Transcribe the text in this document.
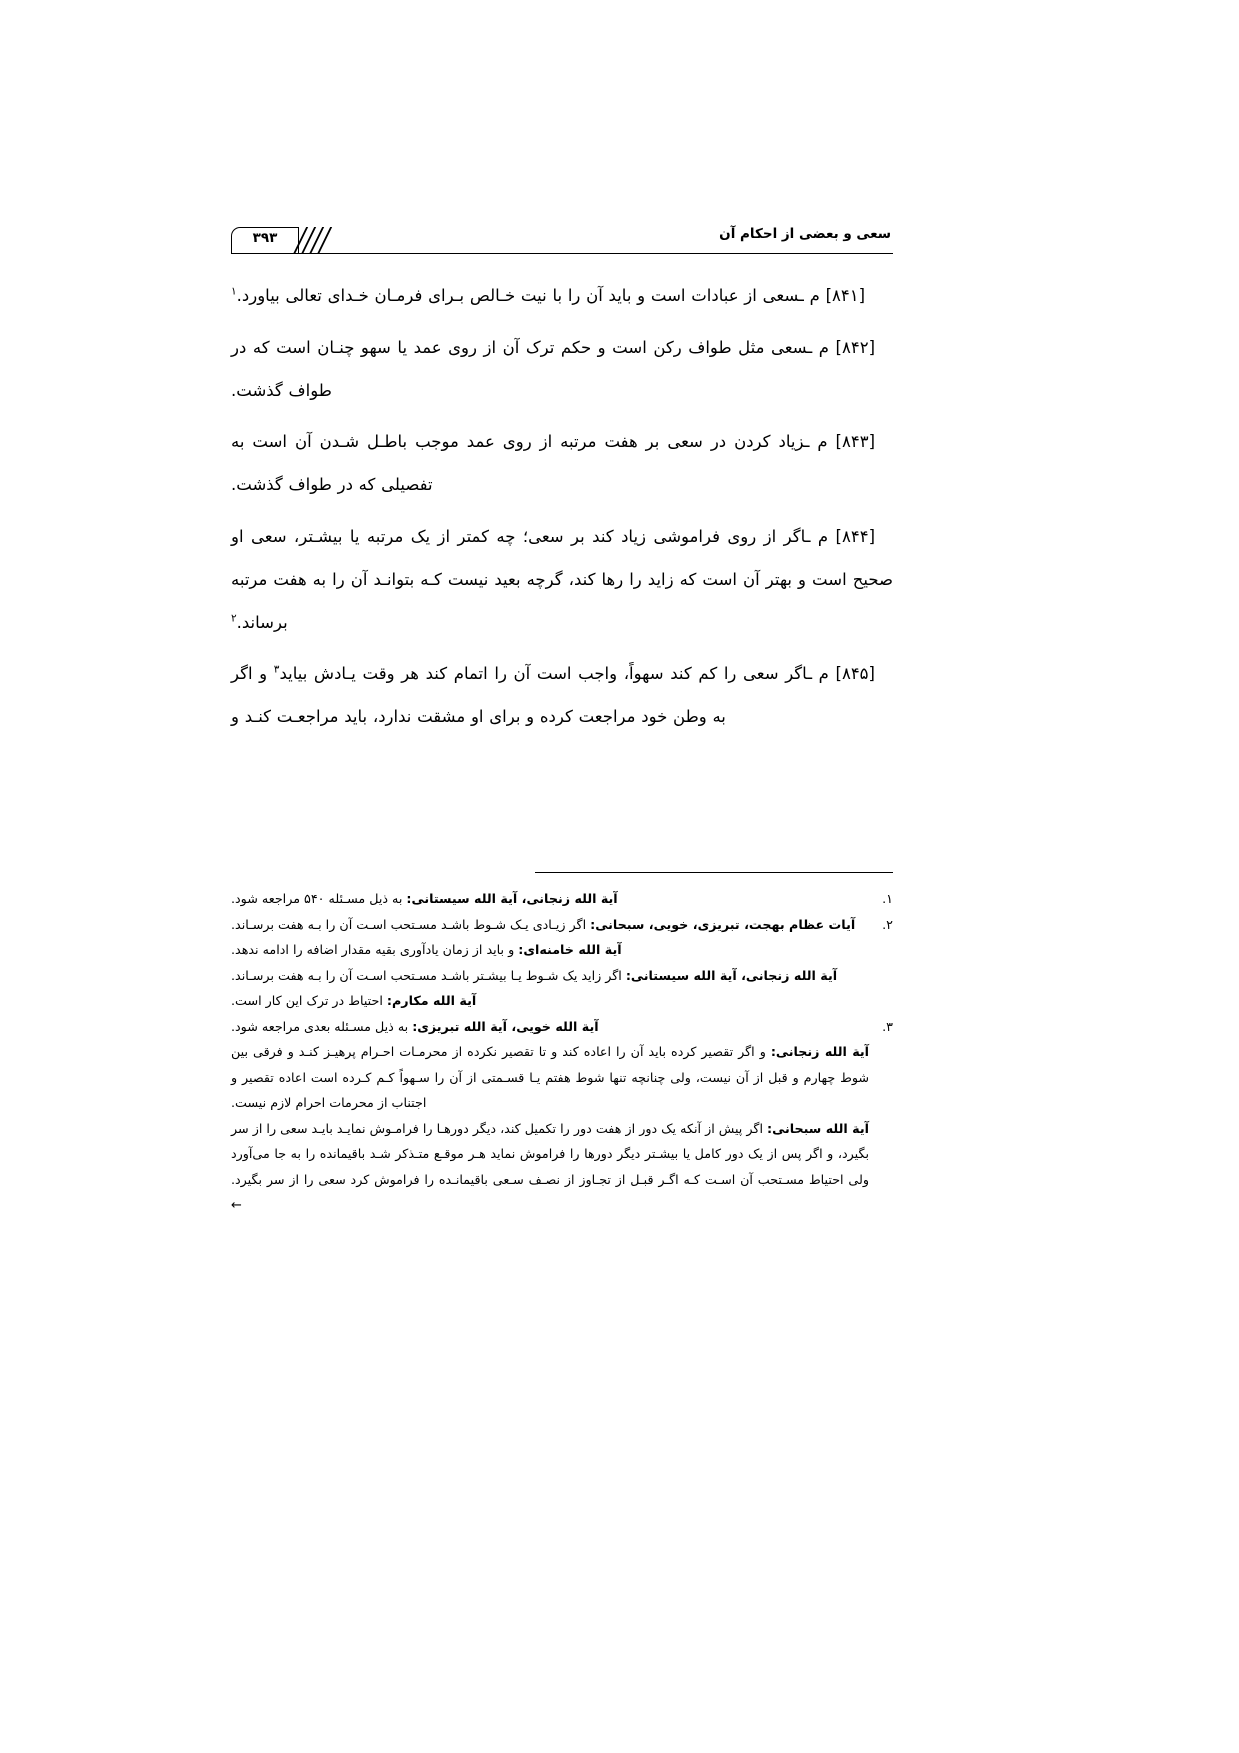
سعی و بعضی از احکام آن
۳۹۳

[۸۴۱] م ـسعی از عبادات است و باید آن را با نیت خـالص بـرای فرمـان خـدای تعالی بیاورد.$^۱$

[۸۴۲] م ـسعی مثل طواف رکن است و حکم ترک آن از روی عمد یا سهو چنـان است که در طواف گذشت.

[۸۴۳] م ـزیاد کردن در سعی بر هفت مرتبه از روی عمد موجب باطـل شـدن آن است به تفصیلی که در طواف گذشت.

[۸۴۴] م ـاگر از روی فراموشی زیاد کند بر سعی؛ چه کمتر از یک مرتبه یا بیشـتر، سعی او صحیح است و بهتر آن است که زاید را رها کند، گرچه بعید نیست کـه بتوانـد آن را به هفت مرتبه برساند.$^۲$

[۸۴۵] م ـاگر سعی را کم کند سهواً، واجب است آن را اتمام کند هر وقت یـادش بیاید$^۳$ و اگر به وطن خود مراجعت کرده و برای او مشقت ندارد، باید مراجعـت کنـد و

۱.
آیة الله زنجانی، آیة الله سیستانی: به ذیل مسـئله ۵۴۰ مراجعه شود.
۲.
آیات عظام بهجت، تبریزی، خویی، سبحانی: اگر زیـادی یـک شـوط باشـد مسـتحب اسـت آن را بـه هفت برسـاند.
آیة الله خامنه‌ای: و باید از زمان یادآوری بقیه مقدار اضافه را ادامه ندهد.
آیة الله زنجانی، آیة الله سیستانی: اگر زاید یک شـوط یـا بیشـتر باشـد مسـتحب اسـت آن را بـه هفت برسـاند.
آیة الله مکارم: احتیاط در ترک این کار است.
۳.
آیة الله خویی، آیة الله تبریزی: به ذیل مسـئله بعدی مراجعه شود.
آیة الله زنجانی: و اگر تقصیر کرده باید آن را اعاده کند و تا تقصیر نکرده از محرمـات احـرام پرهیـز کنـد و فرقی بین شوط چهارم و قبل از آن نیست، ولی چنانچه تنها شوط هفتم یـا قسـمتی از آن را سـهواً کـم کـرده است اعاده تقصیر و اجتناب از محرمات احرام لازم نیست.
آیة الله سبحانی: اگر پیش از آنکه یک دور از هفت دور را تکمیل کند، دیگر دورهـا را فرامـوش نمایـد بایـد سعی را از سر بگیرد، و اگر پس از یک دور کامل یا بیشـتر دیگر دورها را فراموش نماید هـر موقـع متـذکر شـد باقیمانده را به جا می‌آورد ولی احتیاط مسـتحب آن اسـت کـه اگـر قبـل از تجـاوز از نصـف سـعی باقیمانـده را فراموش کرد سعی را از سر بگیرد.←
